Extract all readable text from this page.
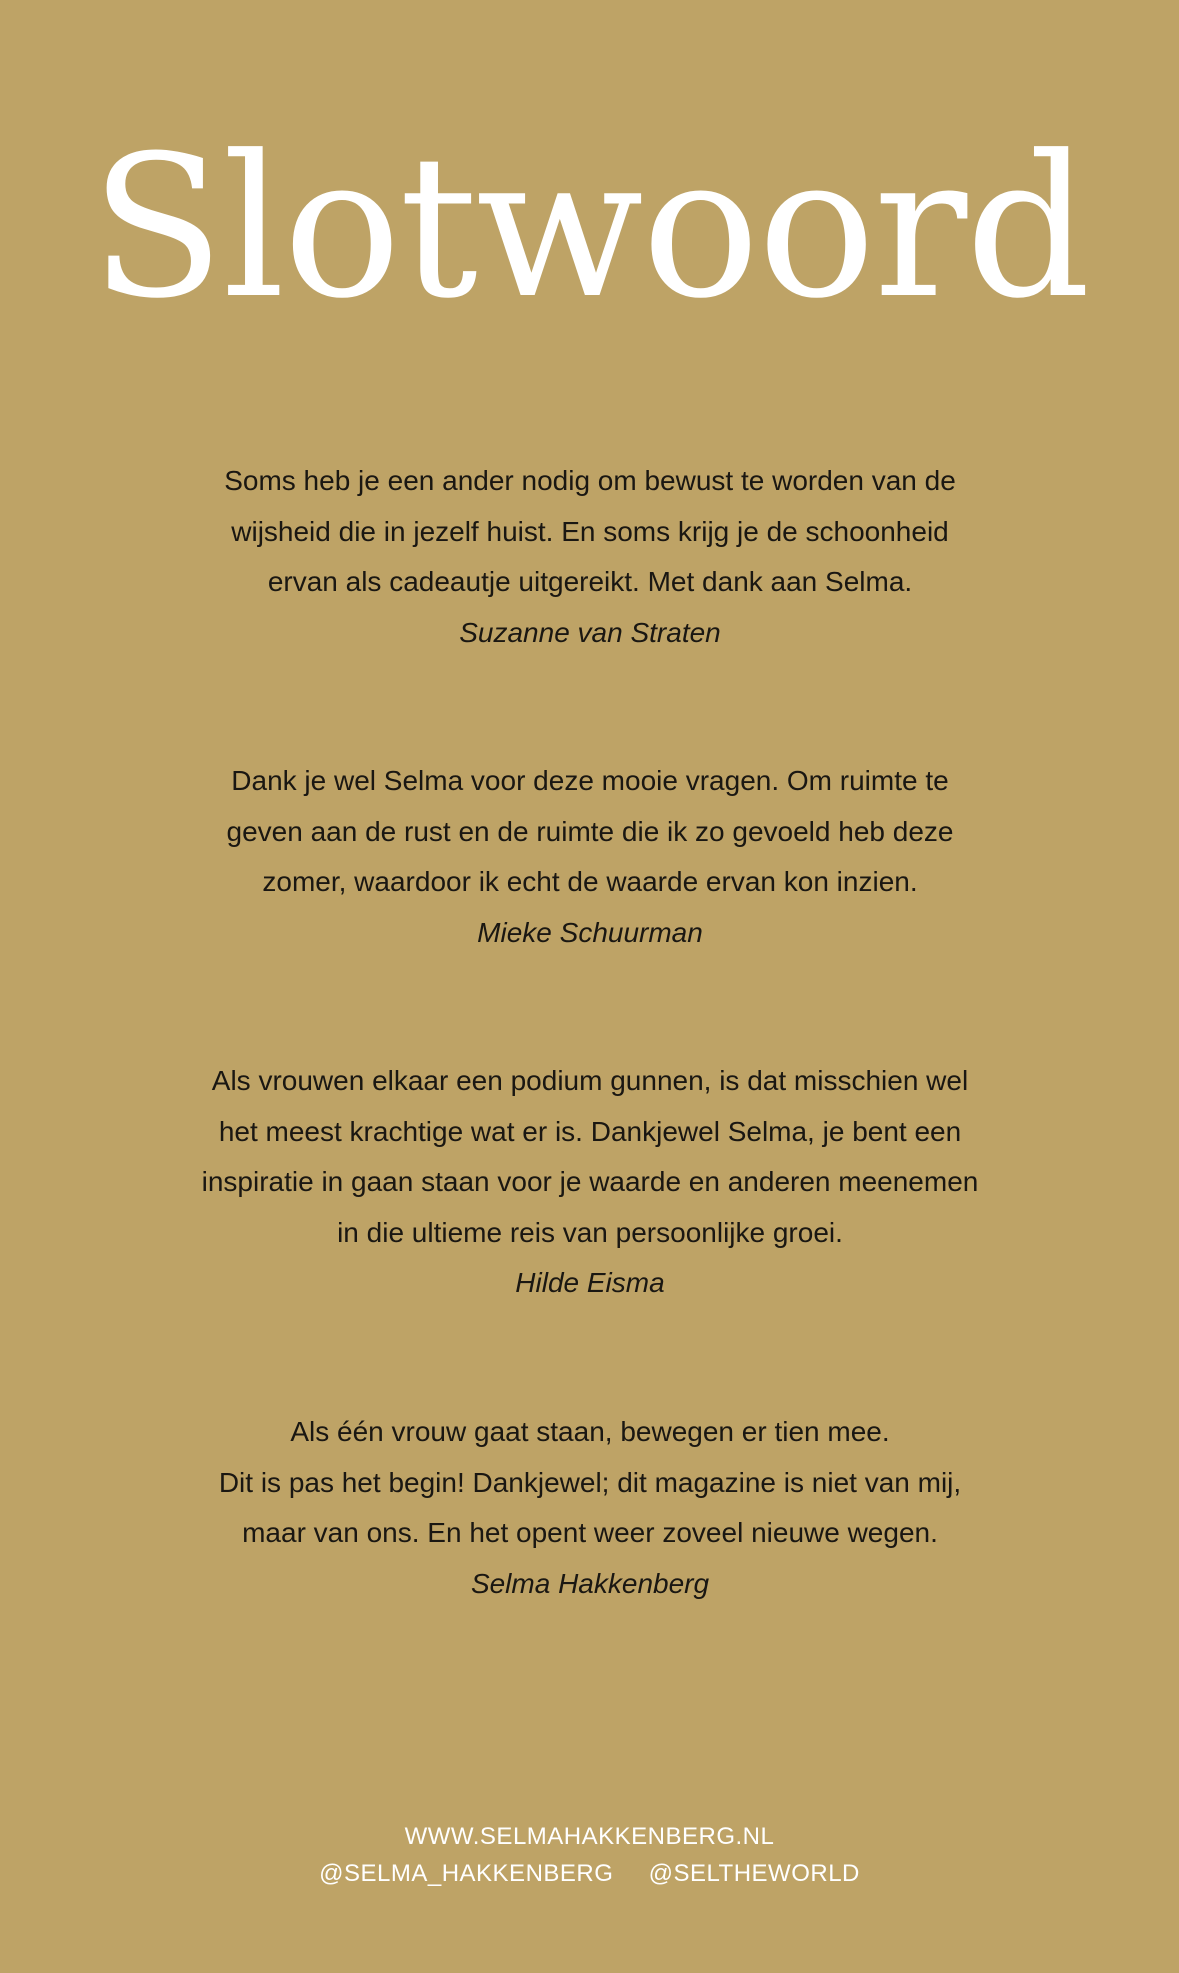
Slotwoord
Soms heb je een ander nodig om bewust te worden van de
wijsheid die in jezelf huist. En soms krijg je de schoonheid
ervan als cadeautje uitgereikt. Met dank aan Selma.
Suzanne van Straten
Dank je wel Selma voor deze mooie vragen. Om ruimte te
geven aan de rust en de ruimte die ik zo gevoeld heb deze
zomer, waardoor ik echt de waarde ervan kon inzien.
Mieke Schuurman
Als vrouwen elkaar een podium gunnen, is dat misschien wel
het meest krachtige wat er is. Dankjewel Selma, je bent een
inspiratie in gaan staan voor je waarde en anderen meenemen
in die ultieme reis van persoonlijke groei.
Hilde Eisma
Als één vrouw gaat staan, bewegen er tien mee.
Dit is pas het begin! Dankjewel; dit magazine is niet van mij,
maar van ons. En het opent weer zoveel nieuwe wegen.
Selma Hakkenberg
WWW.SELMAHAKKENBERG.NL
@SELMA_HAKKENBERG @SELTHEWORLD
